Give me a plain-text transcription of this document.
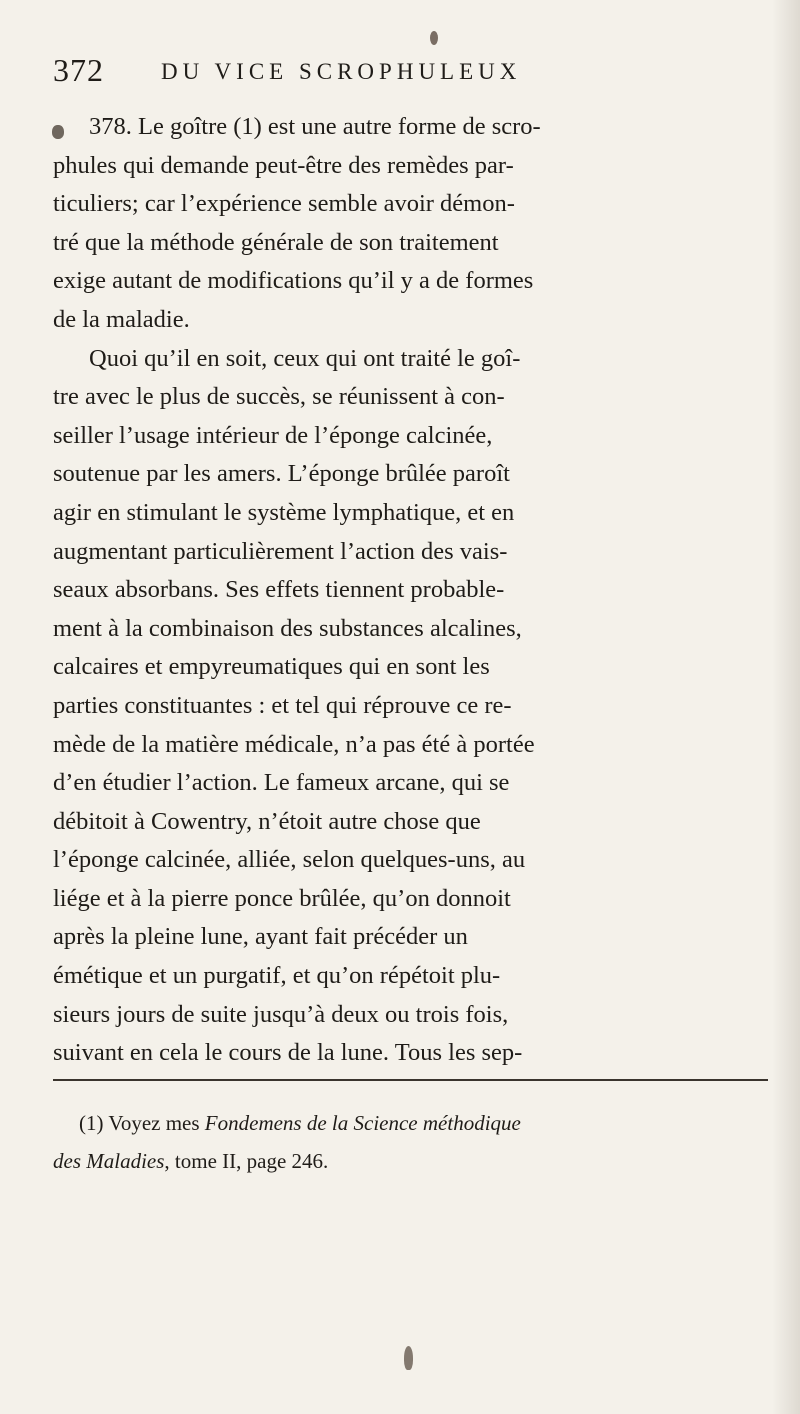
372 DU VICE SCROPHULEUX
378. Le goître (1) est une autre forme de scro-
phules qui demande peut-être des remèdes par-
ticuliers; car l’expérience semble avoir démon-
tré que la méthode générale de son traitement
exige autant de modifications qu’il y a de formes
de la maladie.
Quoi qu’il en soit, ceux qui ont traité le goî-
tre avec le plus de succès, se réunissent à con-
seiller l’usage intérieur de l’éponge calcinée,
soutenue par les amers. L’éponge brûlée paroît
agir en stimulant le système lymphatique, et en
augmentant particulièrement l’action des vais-
seaux absorbans. Ses effets tiennent probable-
ment à la combinaison des substances alcalines,
calcaires et empyreumatiques qui en sont les
parties constituantes : et tel qui réprouve ce re-
mède de la matière médicale, n’a pas été à portée
d’en étudier l’action. Le fameux arcane, qui se
débitoit à Cowentry, n’étoit autre chose que
l’éponge calcinée, alliée, selon quelques-uns, au
liége et à la pierre ponce brûlée, qu’on donnoit
après la pleine lune, ayant fait précéder un
émétique et un purgatif, et qu’on répétoit plu-
sieurs jours de suite jusqu’à deux ou trois fois,
suivant en cela le cours de la lune. Tous les sep-
(1) Voyez mes Fondemens de la Science méthodique
des Maladies, tome II, page 246.
